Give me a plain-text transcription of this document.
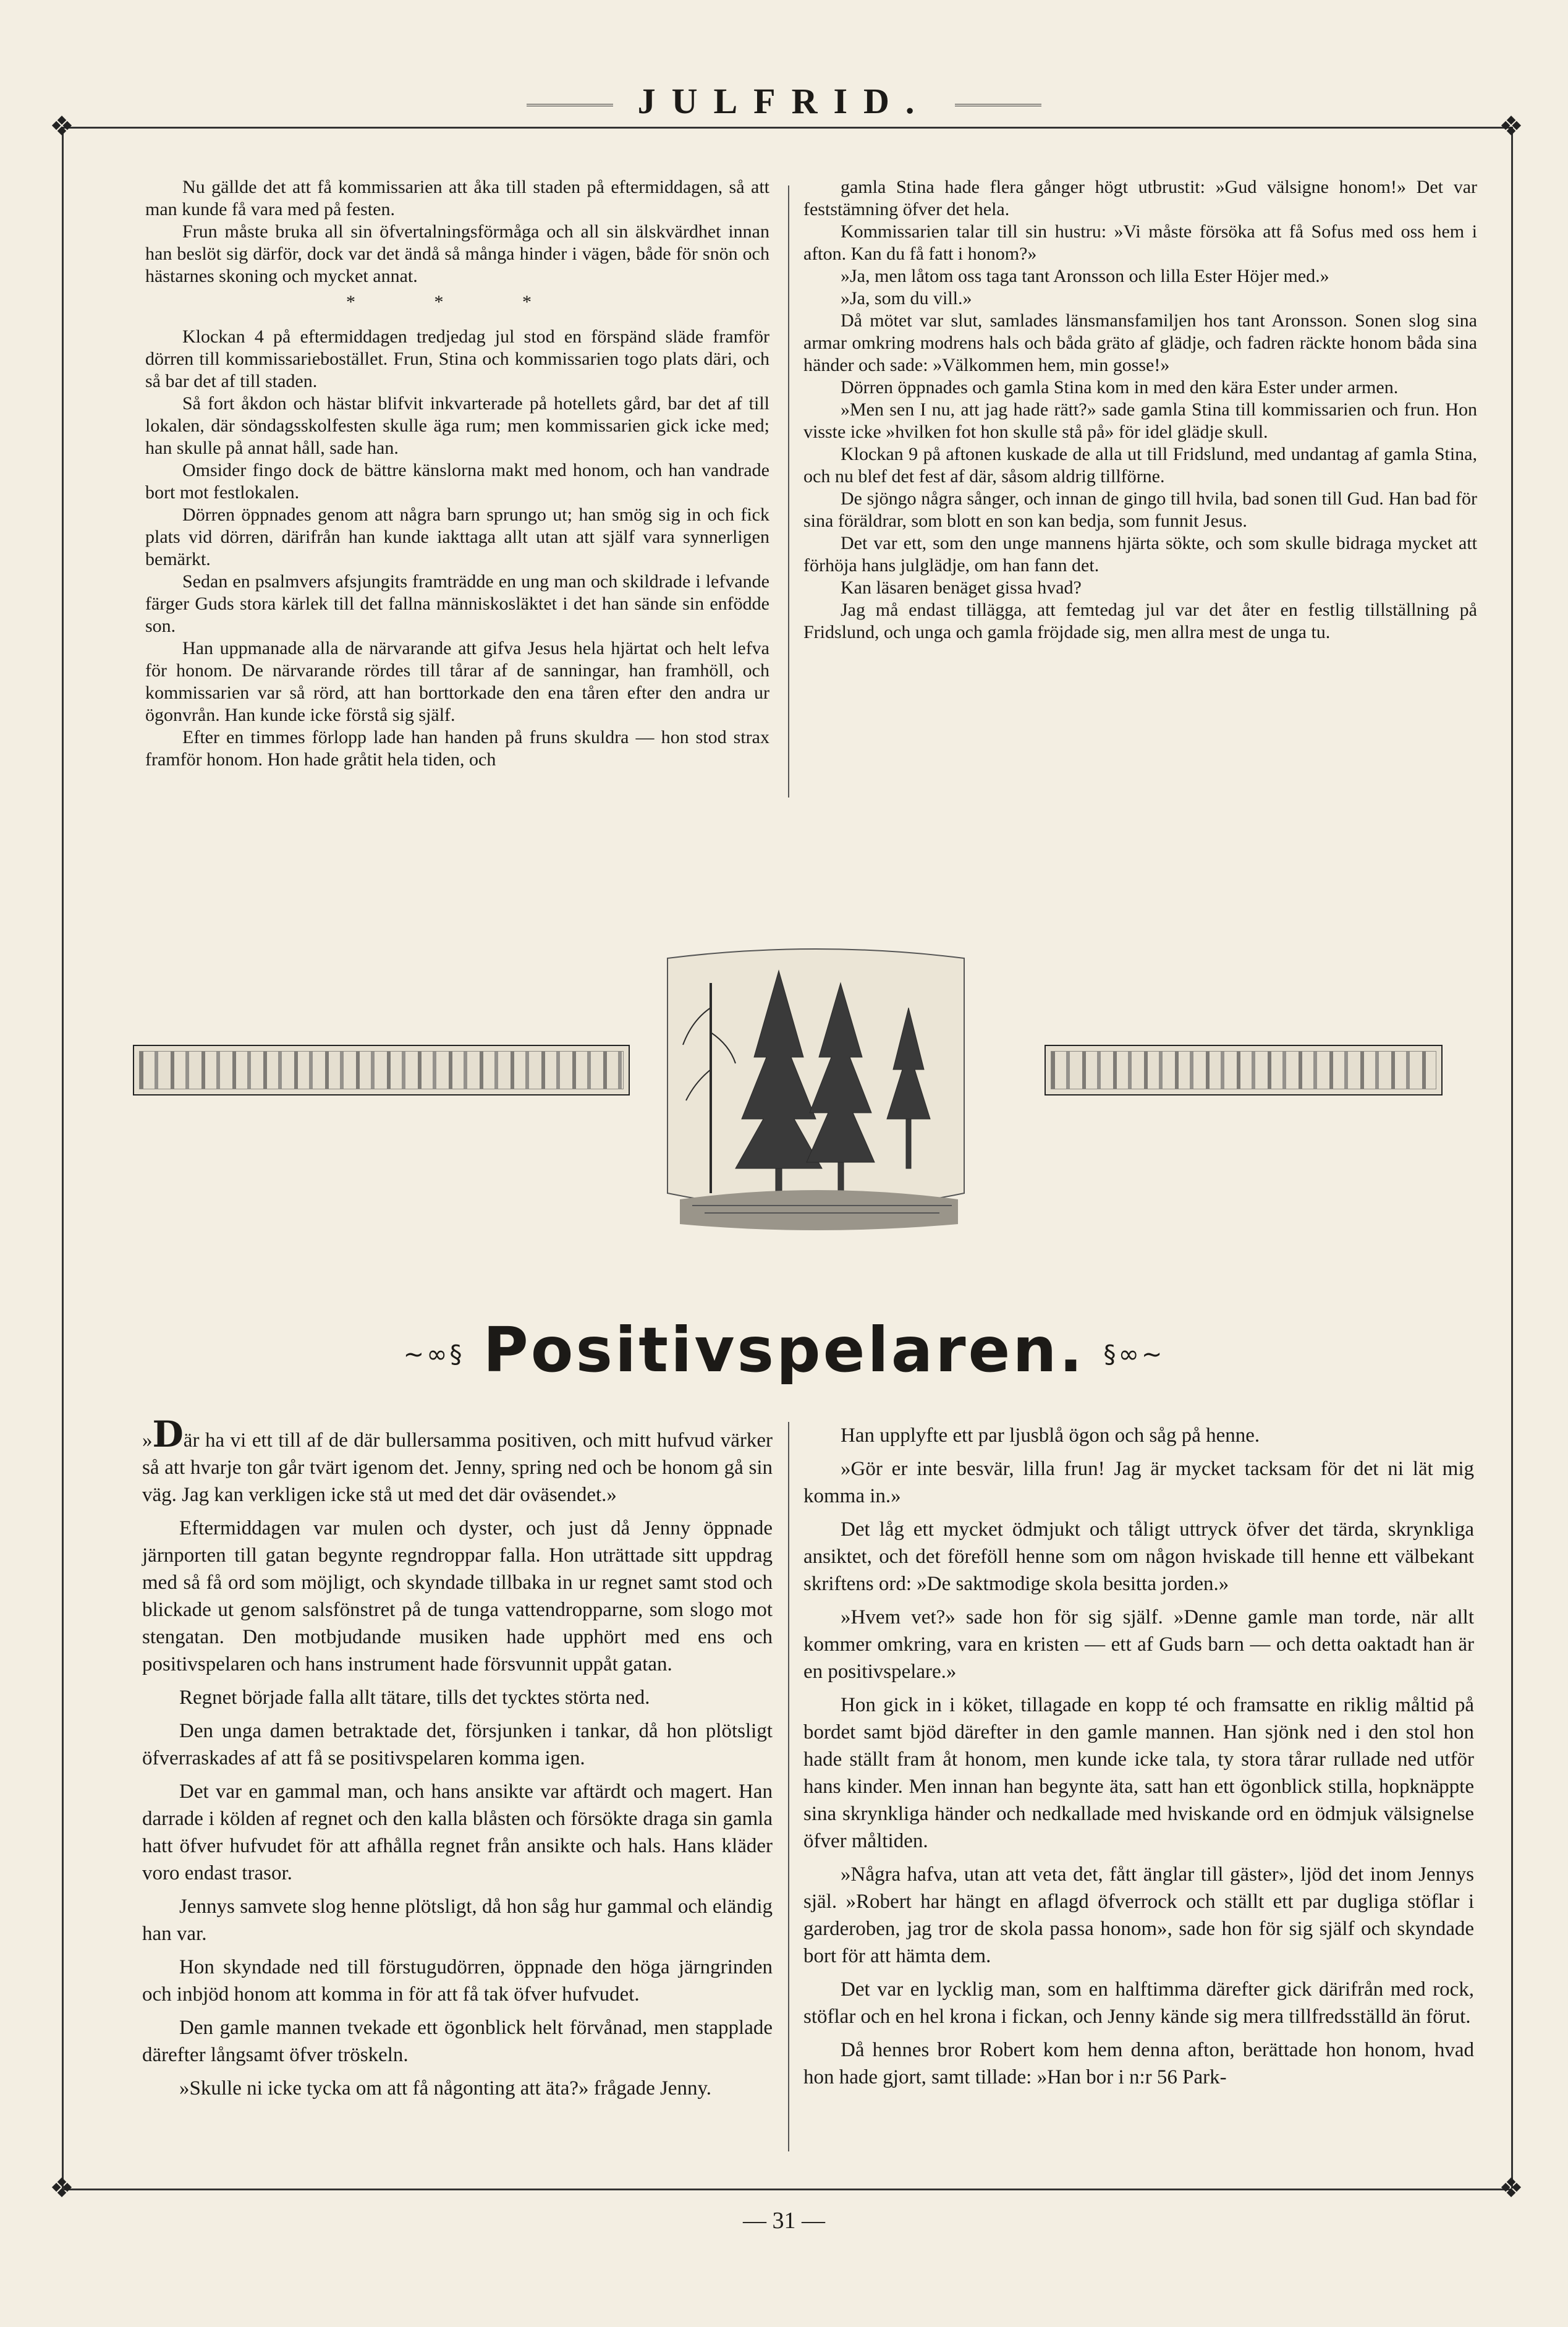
JULFRID.
❖	❖
❖	❖

Nu gällde det att få kommissarien att åka till staden på eftermiddagen, så att man kunde få vara med på festen.

Frun måste bruka all sin öfvertalningsförmåga och all sin älskvärdhet innan han beslöt sig därför, dock var det ändå så många hinder i vägen, både för snön och hästarnes skoning och mycket annat.

* * *

Klockan 4 på eftermiddagen tredjedag jul stod en förspänd släde framför dörren till kommissariebostället. Frun, Stina och kommissarien togo plats däri, och så bar det af till staden.

Så fort åkdon och hästar blifvit inkvarterade på hotellets gård, bar det af till lokalen, där söndagsskolfesten skulle äga rum; men kommissarien gick icke med; han skulle på annat håll, sade han.

Omsider fingo dock de bättre känslorna makt med honom, och han vandrade bort mot festlokalen.

Dörren öppnades genom att några barn sprungo ut; han smög sig in och fick plats vid dörren, därifrån han kunde iakttaga allt utan att själf vara synnerligen bemärkt.

Sedan en psalmvers afsjungits framträdde en ung man och skildrade i lefvande färger Guds stora kärlek till det fallna människosläktet i det han sände sin enfödde son.

Han uppmanade alla de närvarande att gifva Jesus hela hjärtat och helt lefva för honom. De närvarande rördes till tårar af de sanningar, han framhöll, och kommissarien var så rörd, att han borttorkade den ena tåren efter den andra ur ögonvrån. Han kunde icke förstå sig själf.

Efter en timmes förlopp lade han handen på fruns skuldra — hon stod strax framför honom. Hon hade gråtit hela tiden, och

gamla Stina hade flera gånger högt utbrustit: »Gud välsigne honom!» Det var feststämning öfver det hela.

Kommissarien talar till sin hustru: »Vi måste försöka att få Sofus med oss hem i afton. Kan du få fatt i honom?»

»Ja, men låtom oss taga tant Aronsson och lilla Ester Höjer med.»

»Ja, som du vill.»

Då mötet var slut, samlades länsmansfamiljen hos tant Aronsson. Sonen slog sina armar omkring modrens hals och båda gräto af glädje, och fadren räckte honom båda sina händer och sade: »Välkommen hem, min gosse!»

Dörren öppnades och gamla Stina kom in med den kära Ester under armen.

»Men sen I nu, att jag hade rätt?» sade gamla Stina till kommissarien och frun. Hon visste icke »hvilken fot hon skulle stå på» för idel glädje skull.

Klockan 9 på aftonen kuskade de alla ut till Fridslund, med undantag af gamla Stina, och nu blef det fest af där, såsom aldrig tillförne.

De sjöngo några sånger, och innan de gingo till hvila, bad sonen till Gud. Han bad för sina föräldrar, som blott en son kan bedja, som funnit Jesus.

Det var ett, som den unge mannens hjärta sökte, och som skulle bidraga mycket att förhöja hans julglädje, om han fann det.

Kan läsaren benäget gissa hvad?

Jag må endast tillägga, att femtedag jul var det åter en festlig tillställning på Fridslund, och unga och gamla fröjdade sig, men allra mest de unga tu.

~∞§ Positivspelaren. §∞~

»Där ha vi ett till af de där bullersamma positiven, och mitt hufvud värker så att hvarje ton går tvärt igenom det. Jenny, spring ned och be honom gå sin väg. Jag kan verkligen icke stå ut med det där oväsendet.»

Eftermiddagen var mulen och dyster, och just då Jenny öppnade järnporten till gatan begynte regndroppar falla. Hon uträttade sitt uppdrag med så få ord som möjligt, och skyndade tillbaka in ur regnet samt stod och blickade ut genom salsfönstret på de tunga vattendropparne, som slogo mot stengatan. Den motbjudande musiken hade upphört med ens och positivspelaren och hans instrument hade försvunnit uppåt gatan.

Regnet började falla allt tätare, tills det tycktes störta ned.

Den unga damen betraktade det, försjunken i tankar, då hon plötsligt öfverraskades af att få se positivspelaren komma igen.

Det var en gammal man, och hans ansikte var aftärdt och magert. Han darrade i kölden af regnet och den kalla blåsten och försökte draga sin gamla hatt öfver hufvudet för att afhålla regnet från ansikte och hals. Hans kläder voro endast trasor.

Jennys samvete slog henne plötsligt, då hon såg hur gammal och eländig han var.

Hon skyndade ned till förstugudörren, öppnade den höga järngrinden och inbjöd honom att komma in för att få tak öfver hufvudet.

Den gamle mannen tvekade ett ögonblick helt förvånad, men stapplade därefter långsamt öfver tröskeln.

»Skulle ni icke tycka om att få någonting att äta?» frågade Jenny.

Han upplyfte ett par ljusblå ögon och såg på henne.

»Gör er inte besvär, lilla frun! Jag är mycket tacksam för det ni lät mig komma in.»

Det låg ett mycket ödmjukt och tåligt uttryck öfver det tärda, skrynkliga ansiktet, och det föreföll henne som om någon hviskade till henne ett välbekant skriftens ord: »De saktmodige skola besitta jorden.»

»Hvem vet?» sade hon för sig själf. »Denne gamle man torde, när allt kommer omkring, vara en kristen — ett af Guds barn — och detta oaktadt han är en positivspelare.»

Hon gick in i köket, tillagade en kopp té och framsatte en riklig måltid på bordet samt bjöd därefter in den gamle mannen. Han sjönk ned i den stol hon hade ställt fram åt honom, men kunde icke tala, ty stora tårar rullade ned utför hans kinder. Men innan han begynte äta, satt han ett ögonblick stilla, hopknäppte sina skrynkliga händer och nedkallade med hviskande ord en ödmjuk välsignelse öfver måltiden.

»Några hafva, utan att veta det, fått änglar till gäster», ljöd det inom Jennys själ. »Robert har hängt en aflagd öfverrock och ställt ett par dugliga stöflar i garderoben, jag tror de skola passa honom», sade hon för sig själf och skyndade bort för att hämta dem.

Det var en lycklig man, som en halftimma därefter gick därifrån med rock, stöflar och en hel krona i fickan, och Jenny kände sig mera tillfredsställd än förut.

Då hennes bror Robert kom hem denna afton, berättade hon honom, hvad hon hade gjort, samt tillade: »Han bor i n:r 56 Park-

— 31 —
